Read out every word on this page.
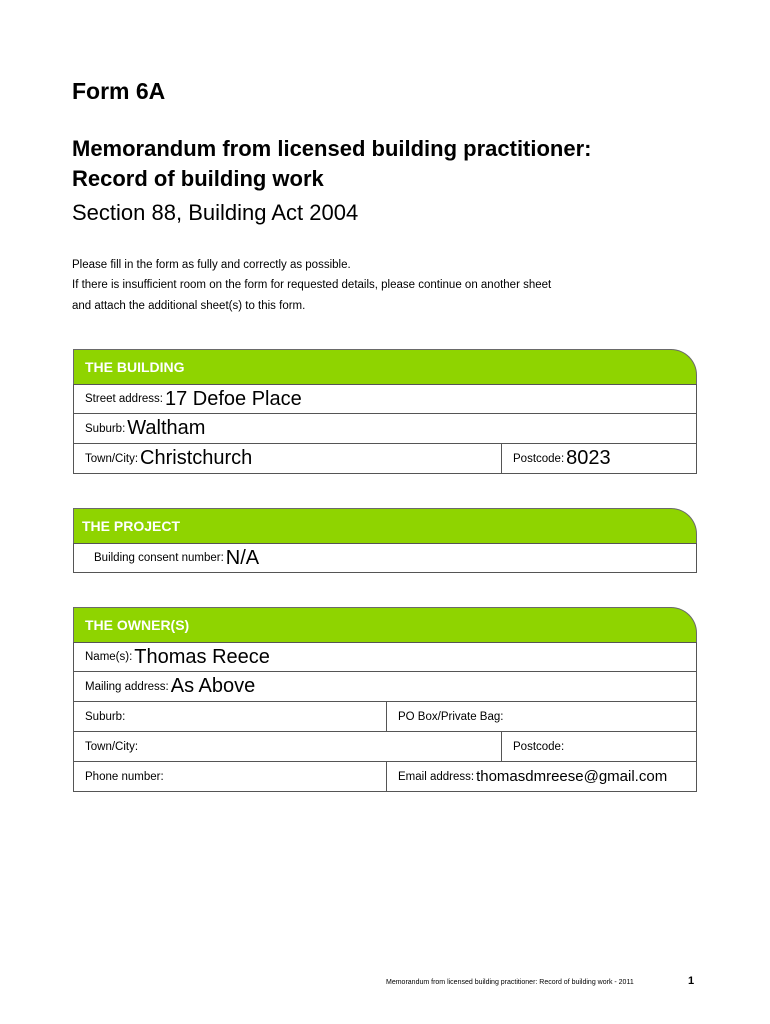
Form 6A
Memorandum from licensed building practitioner: Record of building work
Section 88, Building Act 2004
Please fill in the form as fully and correctly as possible.
If there is insufficient room on the form for requested details, please continue on another sheet
and attach the additional sheet(s) to this form.
THE BUILDING
Street address: 17 Defoe Place
Suburb: Waltham
Town/City: Christchurch	Postcode: 8023
THE PROJECT
Building consent number: N/A
THE OWNER(S)
Name(s): Thomas Reece
Mailing address: As Above
Suburb:	PO Box/Private Bag:
Town/City:	Postcode:
Phone number:	Email address: thomasdmreese@gmail.com
Memorandum from licensed building practitioner: Record of building work - 2011	1
